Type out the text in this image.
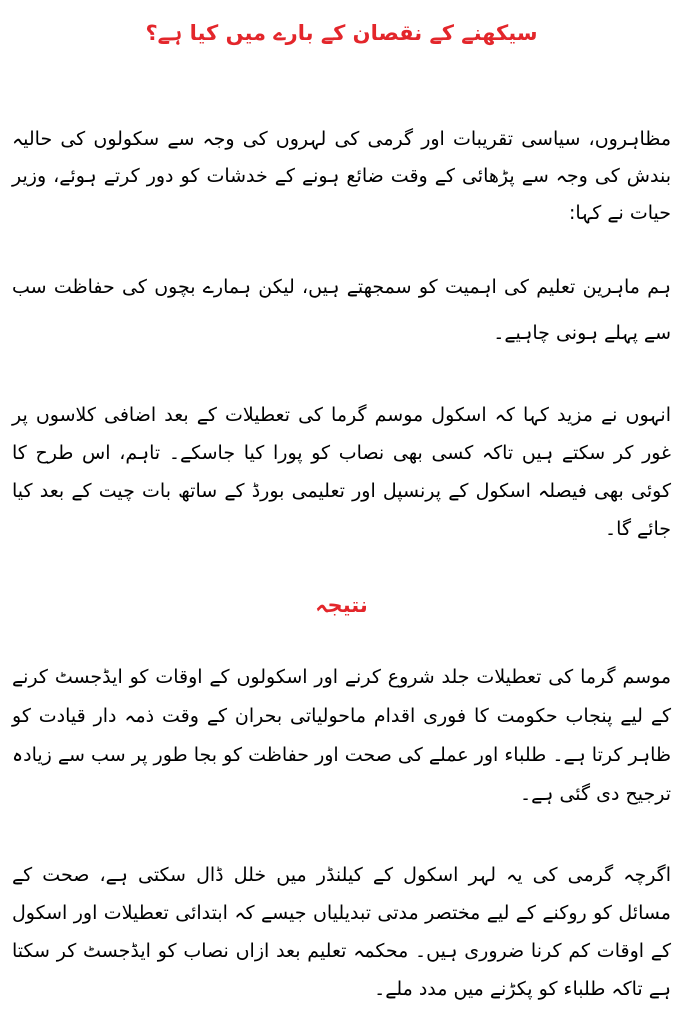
سیکھنے کے نقصان کے بارے میں کیا ہے؟

مظاہروں، سیاسی تقریبات اور گرمی کی لہروں کی وجہ سے سکولوں کی حالیہ بندش کی وجہ سے پڑھائی کے وقت ضائع ہونے کے خدشات کو دور کرتے ہوئے، وزیر حیات نے کہا:

ہم ماہرین تعلیم کی اہمیت کو سمجھتے ہیں، لیکن ہمارے بچوں کی حفاظت سب سے پہلے ہونی چاہیے۔

انہوں نے مزید کہا کہ اسکول موسم گرما کی تعطیلات کے بعد اضافی کلاسوں پر غور کر سکتے ہیں تاکہ کسی بھی نصاب کو پورا کیا جاسکے۔ تاہم، اس طرح کا کوئی بھی فیصلہ اسکول کے پرنسپل اور تعلیمی بورڈ کے ساتھ بات چیت کے بعد کیا جائے گا۔

نتیجہ

موسم گرما کی تعطیلات جلد شروع کرنے اور اسکولوں کے اوقات کو ایڈجسٹ کرنے کے لیے پنجاب حکومت کا فوری اقدام ماحولیاتی بحران کے وقت ذمہ دار قیادت کو ظاہر کرتا ہے۔ طلباء اور عملے کی صحت اور حفاظت کو بجا طور پر سب سے زیادہ ترجیح دی گئی ہے۔

اگرچہ گرمی کی یہ لہر اسکول کے کیلنڈر میں خلل ڈال سکتی ہے، صحت کے مسائل کو روکنے کے لیے مختصر مدتی تبدیلیاں جیسے کہ ابتدائی تعطیلات اور اسکول کے اوقات کم کرنا ضروری ہیں۔ محکمہ تعلیم بعد ازاں نصاب کو ایڈجسٹ کر سکتا ہے تاکہ طلباء کو پکڑنے میں مدد ملے۔
